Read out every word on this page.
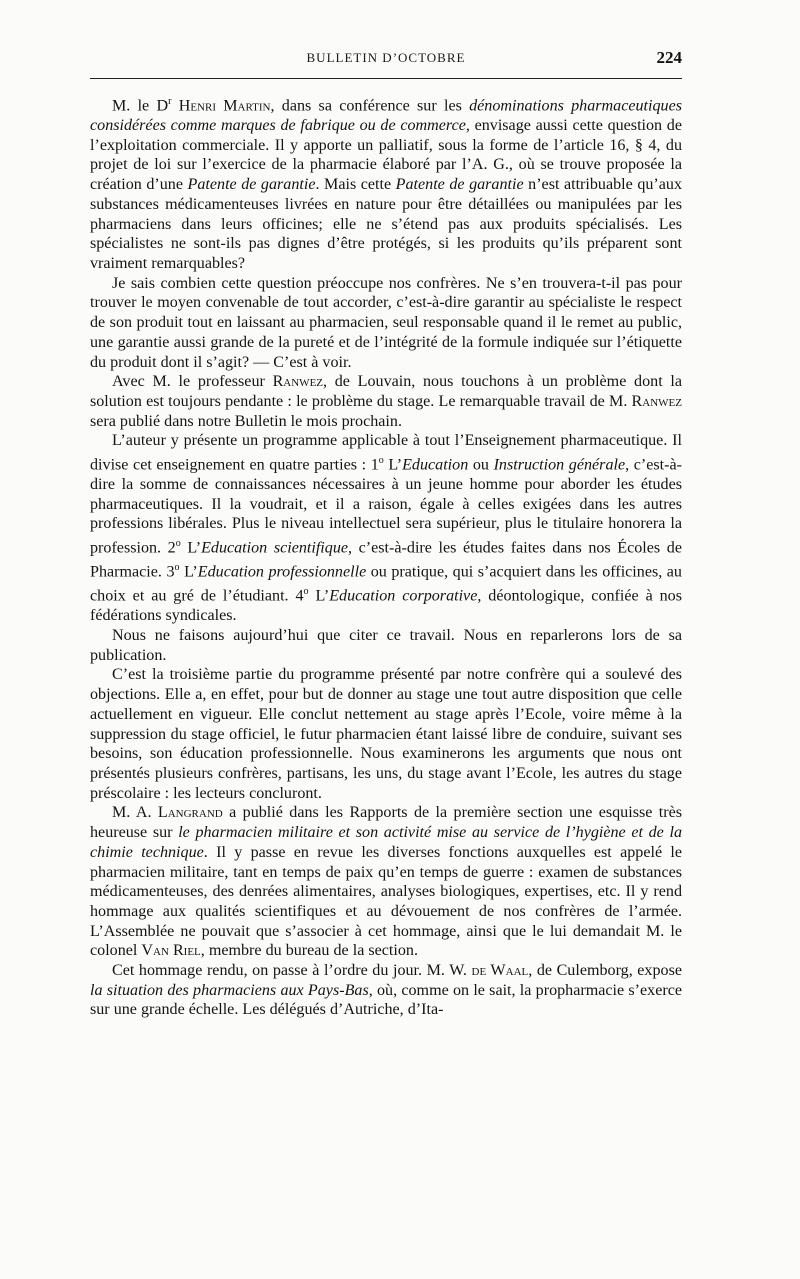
BULLETIN D’OCTOBRE	224

M. le $D^r$ Henri Martin, dans sa conférence sur les dénominations pharmaceutiques considérées comme marques de fabrique ou de commerce, envisage aussi cette question de l’exploitation commerciale. Il y apporte un palliatif, sous la forme de l’article 16, § 4, du projet de loi sur l’exercice de la pharmacie élaboré par l’A. G., où se trouve proposée la création d’une Patente de garantie. Mais cette Patente de garantie n’est attribuable qu’aux substances médicamenteuses livrées en nature pour être détaillées ou manipulées par les pharmaciens dans leurs officines; elle ne s’étend pas aux produits spécialisés. Les spécialistes ne sont-ils pas dignes d’être protégés, si les produits qu’ils préparent sont vraiment remarquables?

Je sais combien cette question préoccupe nos confrères. Ne s’en trouvera-t-il pas pour trouver le moyen convenable de tout accorder, c’est-à-dire garantir au spécialiste le respect de son produit tout en laissant au pharmacien, seul responsable quand il le remet au public, une garantie aussi grande de la pureté et de l’intégrité de la formule indiquée sur l’étiquette du produit dont il s’agit? — C’est à voir.

Avec M. le professeur Ranwez, de Louvain, nous touchons à un problème dont la solution est toujours pendante : le problème du stage. Le remarquable travail de M. Ranwez sera publié dans notre Bulletin le mois prochain.

L’auteur y présente un programme applicable à tout l’Enseignement pharmaceutique. Il divise cet enseignement en quatre parties : 1$^o$ L’Education ou Instruction générale, c’est-à-dire la somme de connaissances nécessaires à un jeune homme pour aborder les études pharmaceutiques. Il la voudrait, et il a raison, égale à celles exigées dans les autres professions libérales. Plus le niveau intellectuel sera supérieur, plus le titulaire honorera la profession. 2$^o$ L’Education scientifique, c’est-à-dire les études faites dans nos Écoles de Pharmacie. 3$^o$ L’Education professionnelle ou pratique, qui s’acquiert dans les officines, au choix et au gré de l’étudiant. 4$^o$ L’Education corporative, déontologique, confiée à nos fédérations syndicales.

Nous ne faisons aujourd’hui que citer ce travail. Nous en reparlerons lors de sa publication.

C’est la troisième partie du programme présenté par notre confrère qui a soulevé des objections. Elle a, en effet, pour but de donner au stage une tout autre disposition que celle actuellement en vigueur. Elle conclut nettement au stage après l’Ecole, voire même à la suppression du stage officiel, le futur pharmacien étant laissé libre de conduire, suivant ses besoins, son éducation professionnelle. Nous examinerons les arguments que nous ont présentés plusieurs confrères, partisans, les uns, du stage avant l’Ecole, les autres du stage préscolaire : les lecteurs concluront.

M. A. Langrand a publié dans les Rapports de la première section une esquisse très heureuse sur le pharmacien militaire et son activité mise au service de l’hygiène et de la chimie technique. Il y passe en revue les diverses fonctions auxquelles est appelé le pharmacien militaire, tant en temps de paix qu’en temps de guerre : examen de substances médicamenteuses, des denrées alimentaires, analyses biologiques, expertises, etc. Il y rend hommage aux qualités scientifiques et au dévouement de nos confrères de l’armée. L’Assemblée ne pouvait que s’associer à cet hommage, ainsi que le lui demandait M. le colonel Van Riel, membre du bureau de la section.

Cet hommage rendu, on passe à l’ordre du jour. M. W. de Waal, de Culemborg, expose la situation des pharmaciens aux Pays-Bas, où, comme on le sait, la propharmacie s’exerce sur une grande échelle. Les délégués d’Autriche, d’Ita-
